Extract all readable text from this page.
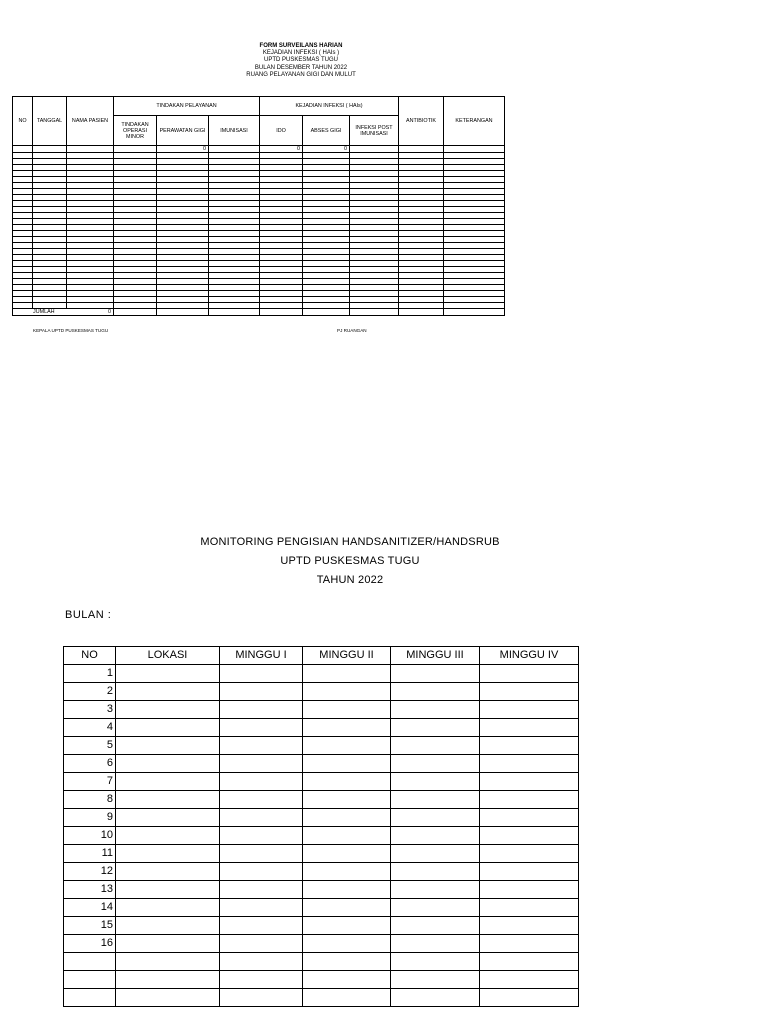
FORM SURVEILANS HARIAN
KEJADIAN INFEKSI ( HAIs )
UPTD PUSKESMAS TUGU
BULAN DESEMBER TAHUN 2022
RUANG PELAYANAN GIGI DAN MULUT
NO	TANGGAL	NAMA PASIEN	TINDAKAN PELAYANAN			KEJADIAN INFEKSI ( HAIs)			ANTIBIOTIK	KETERANGAN
			TINDAKAN OPERASI MINOR	PERAWATAN GIGI	IMUNISASI	IDO	ABSES GIGI	INFEKSI POST IMUNISASI		
				0		0	0			

JUMLAH 0										

KEPALA UPTD PUSKESMAS TUGU	PJ RUANGAN
MONITORING PENGISIAN HANDSANITIZER/HANDSRUB
UPTD PUSKESMAS TUGU
TAHUN 2022
BULAN :
NO	LOKASI	MINGGU I	MINGGU II	MINGGU III	MINGGU IV
1					
2					
3					
4					
5					
6					
7					
8					
9					
10					
11					
12					
13					
14					
15					
16					
